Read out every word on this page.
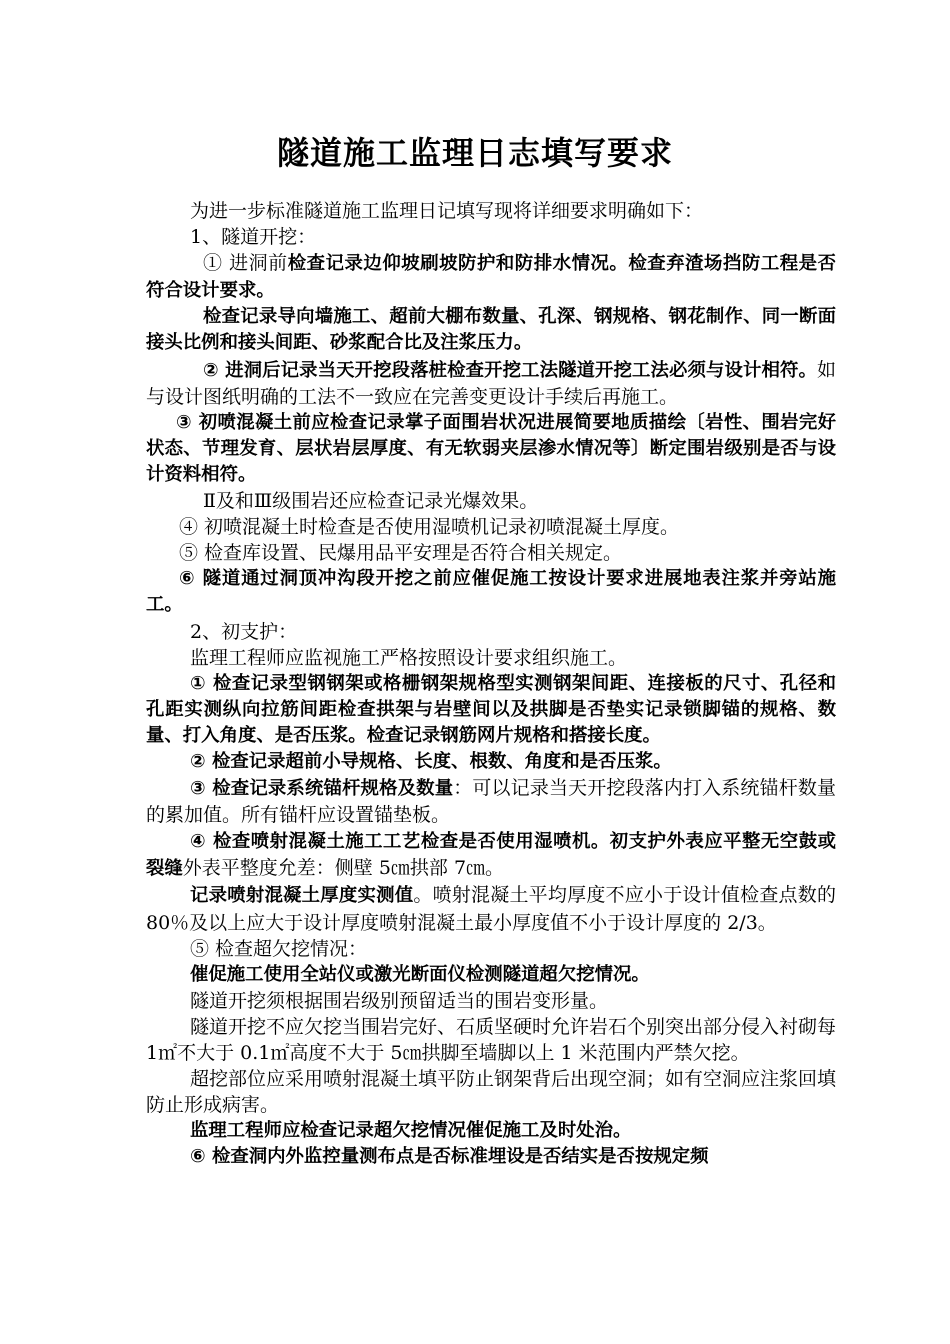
隧道施工监理日志填写要求

为进一步标准隧道施工监理日记填写现将详细要求明确如下：

1、隧道开挖：

① 进洞前检查记录边仰坡刷坡防护和防排水情况。检查弃渣场挡防工程是否符合设计要求。

检查记录导向墙施工、超前大棚布数量、孔深、钢规格、钢花制作、同一断面接头比例和接头间距、砂浆配合比及注浆压力。

② 进洞后记录当天开挖段落桩检查开挖工法隧道开挖工法必须与设计相符。如与设计图纸明确的工法不一致应在完善变更设计手续后再施工。

③ 初喷混凝土前应检查记录掌子面围岩状况进展简要地质描绘〔岩性、围岩完好状态、节理发育、层状岩层厚度、有无软弱夹层渗水情况等〕断定围岩级别是否与设计资料相符。

Ⅱ及和Ⅲ级围岩还应检查记录光爆效果。

④ 初喷混凝土时检查是否使用湿喷机记录初喷混凝土厚度。

⑤ 检查库设置、民爆用品平安理是否符合相关规定。

⑥ 隧道通过洞顶冲沟段开挖之前应催促施工按设计要求进展地表注浆并旁站施工。

2、初支护：

监理工程师应监视施工严格按照设计要求组织施工。

① 检查记录型钢钢架或格栅钢架规格型实测钢架间距、连接板的尺寸、孔径和孔距实测纵向拉筋间距检查拱架与岩壁间以及拱脚是否垫实记录锁脚锚的规格、数量、打入角度、是否压浆。检查记录钢筋网片规格和搭接长度。

② 检查记录超前小导规格、长度、根数、角度和是否压浆。

③ 检查记录系统锚杆规格及数量：可以记录当天开挖段落内打入系统锚杆数量的累加值。所有锚杆应设置锚垫板。

④ 检查喷射混凝土施工工艺检查是否使用湿喷机。初支护外表应平整无空鼓或裂缝外表平整度允差：侧壁 5㎝拱部 7㎝。

记录喷射混凝土厚度实测值。喷射混凝土平均厚度不应小于设计值检查点数的 80％及以上应大于设计厚度喷射混凝土最小厚度值不小于设计厚度的 2/3。

⑤ 检查超欠挖情况：

催促施工使用全站仪或激光断面仪检测隧道超欠挖情况。

隧道开挖须根据围岩级别预留适当的围岩变形量。

隧道开挖不应欠挖当围岩完好、石质坚硬时允许岩石个别突出部分侵入衬砌每 1㎡不大于 0.1㎡高度不大于 5㎝拱脚至墙脚以上 1 米范围内严禁欠挖。

超挖部位应采用喷射混凝土填平防止钢架背后出现空洞；如有空洞应注浆回填防止形成病害。

监理工程师应检查记录超欠挖情况催促施工及时处治。

⑥ 检查洞内外监控量测布点是否标准埋设是否结实是否按规定频
